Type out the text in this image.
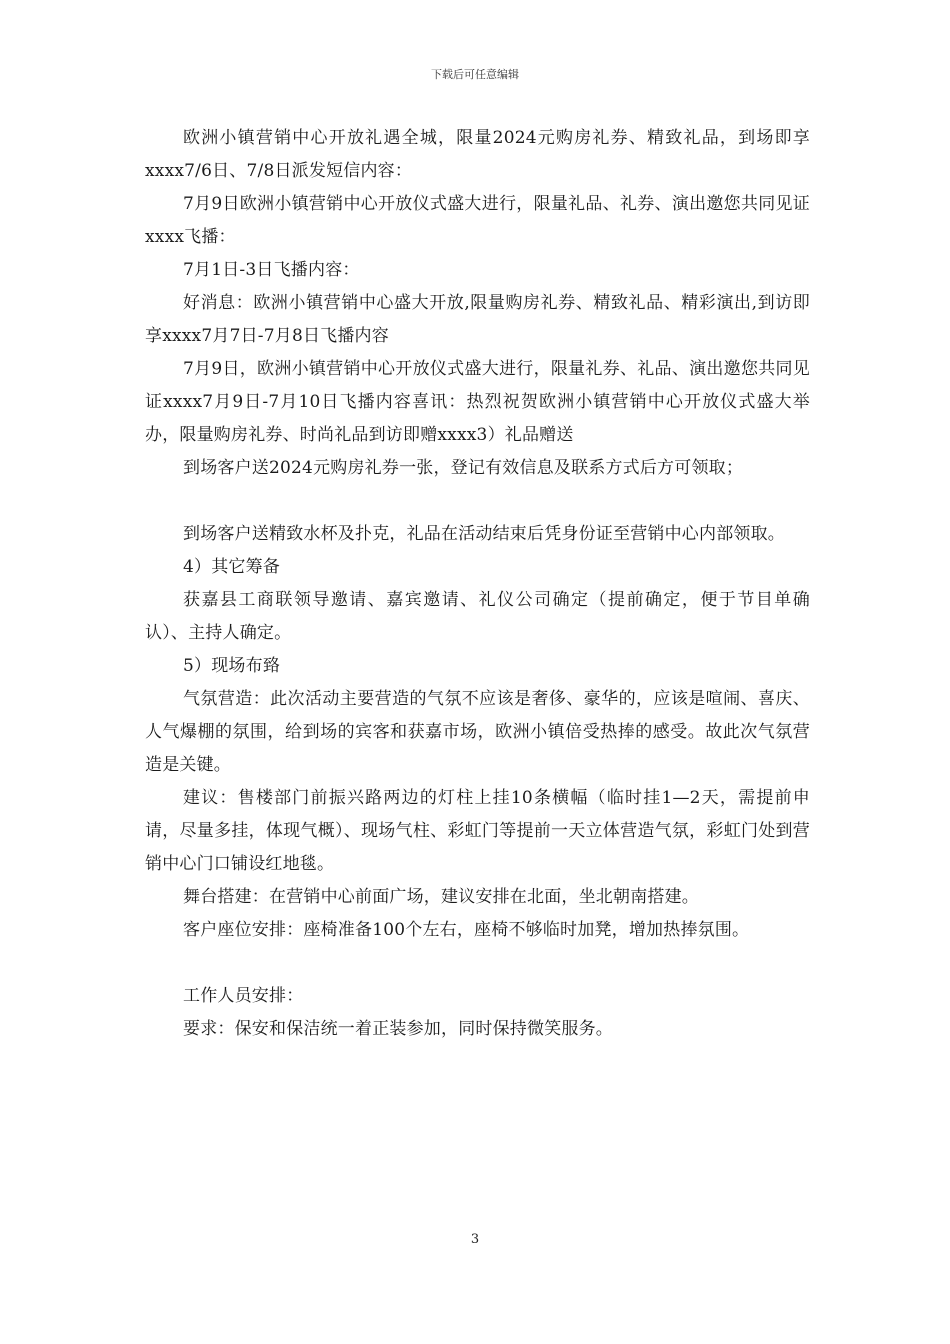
下载后可任意编辑

欧洲小镇营销中心开放礼遇全城，限量2024元购房礼券、精致礼品，到场即享xxxx7/6日、7/8日派发短信内容：

7月9日欧洲小镇营销中心开放仪式盛大进行，限量礼品、礼券、演出邀您共同见证xxxx飞播：

7月1日-3日飞播内容：

好消息：欧洲小镇营销中心盛大开放,限量购房礼券、精致礼品、精彩演出,到访即享xxxx7月7日-7月8日飞播内容

7月9日，欧洲小镇营销中心开放仪式盛大进行，限量礼券、礼品、演出邀您共同见证xxxx7月9日-7月10日飞播内容喜讯：热烈祝贺欧洲小镇营销中心开放仪式盛大举办，限量购房礼券、时尚礼品到访即赠xxxx3）礼品赠送

到场客户送2024元购房礼券一张，登记有效信息及联系方式后方可领取；

到场客户送精致水杯及扑克，礼品在活动结束后凭身份证至营销中心内部领取。

4）其它筹备

获嘉县工商联领导邀请、嘉宾邀请、礼仪公司确定（提前确定，便于节目单确认）、主持人确定。

5）现场布臵

气氛营造：此次活动主要营造的气氛不应该是奢侈、豪华的，应该是喧闹、喜庆、人气爆棚的氛围，给到场的宾客和获嘉市场，欧洲小镇倍受热捧的感受。故此次气氛营造是关键。

建议：售楼部门前振兴路两边的灯柱上挂10条横幅（临时挂1—2天，需提前申请，尽量多挂，体现气概）、现场气柱、彩虹门等提前一天立体营造气氛，彩虹门处到营销中心门口铺设红地毯。

舞台搭建：在营销中心前面广场，建议安排在北面，坐北朝南搭建。

客户座位安排：座椅准备100个左右，座椅不够临时加凳，增加热捧氛围。

工作人员安排：

要求：保安和保洁统一着正装参加，同时保持微笑服务。

3
